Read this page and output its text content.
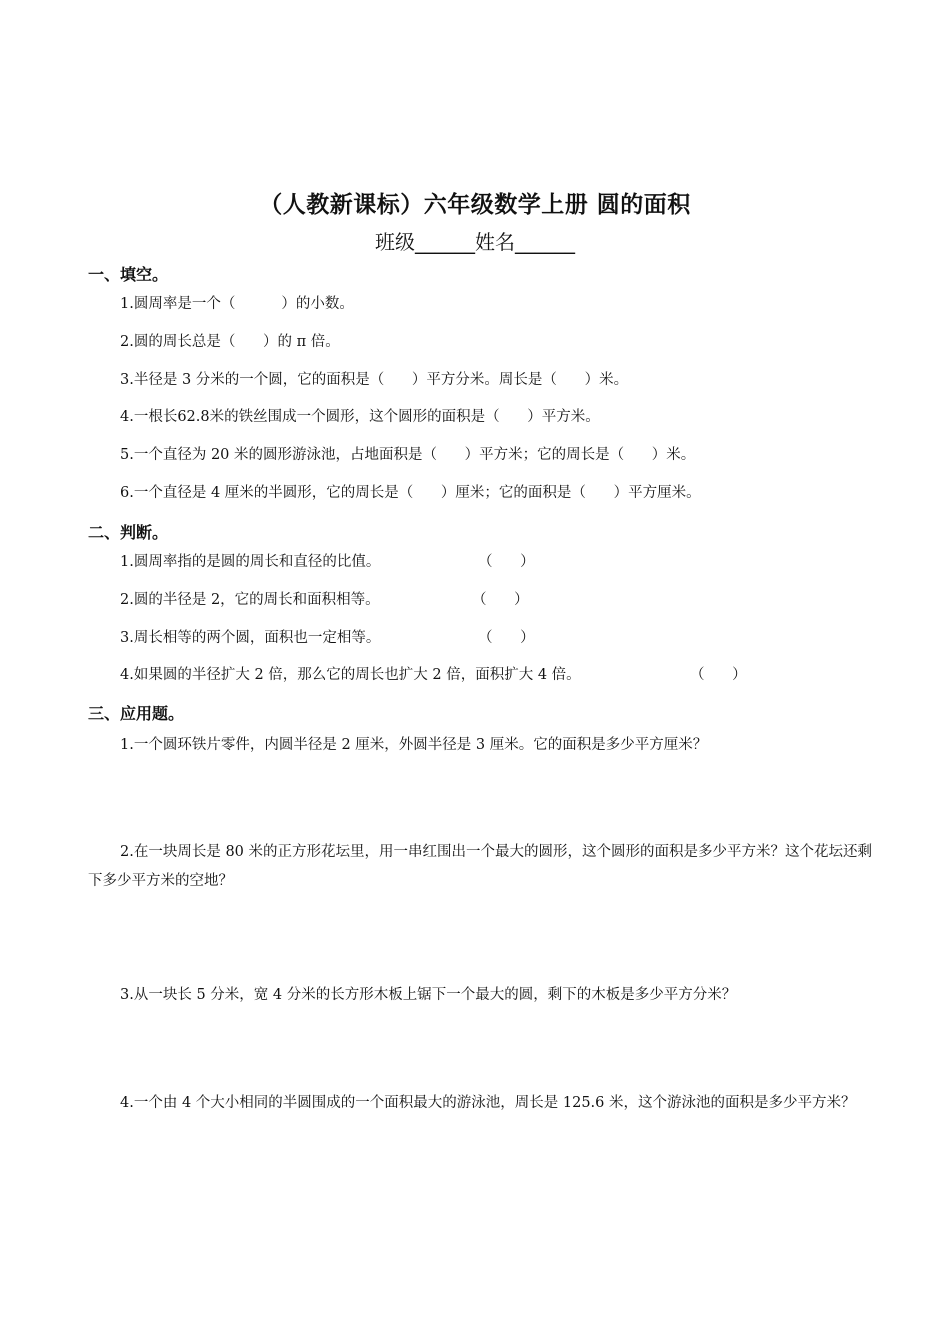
（人教新课标）六年级数学上册 圆的面积
班级______姓名______
一、填空。
1.圆周率是一个（          ）的小数。
2.圆的周长总是（      ）的 π 倍。
3.半径是 3 分米的一个圆，它的面积是（      ）平方分米。周长是（      ）米。
4.一根长62.8米的铁丝围成一个圆形，这个圆形的面积是（      ）平方米。
5.一个直径为 20 米的圆形游泳池，占地面积是（      ）平方米；它的周长是（      ）米。
6.一个直径是 4 厘米的半圆形，它的周长是（      ）厘米；它的面积是（      ）平方厘米。
二、判断。
1.圆周率指的是圆的周长和直径的比值。	（      ）
2.圆的半径是 2，它的周长和面积相等。	（      ）
3.周长相等的两个圆，面积也一定相等。	（      ）
4.如果圆的半径扩大 2 倍，那么它的周长也扩大 2 倍，面积扩大 4 倍。	（      ）
三、应用题。
1.一个圆环铁片零件，内圆半径是 2 厘米，外圆半径是 3 厘米。它的面积是多少平方厘米？
2.在一块周长是 80 米的正方形花坛里，用一串红围出一个最大的圆形，这个圆形的面积是多少平方米？这个花坛还剩下多少平方米的空地？
3.从一块长 5 分米，宽 4 分米的长方形木板上锯下一个最大的圆，剩下的木板是多少平方分米？
4.一个由 4 个大小相同的半圆围成的一个面积最大的游泳池，周长是 125.6 米，这个游泳池的面积是多少平方米？
